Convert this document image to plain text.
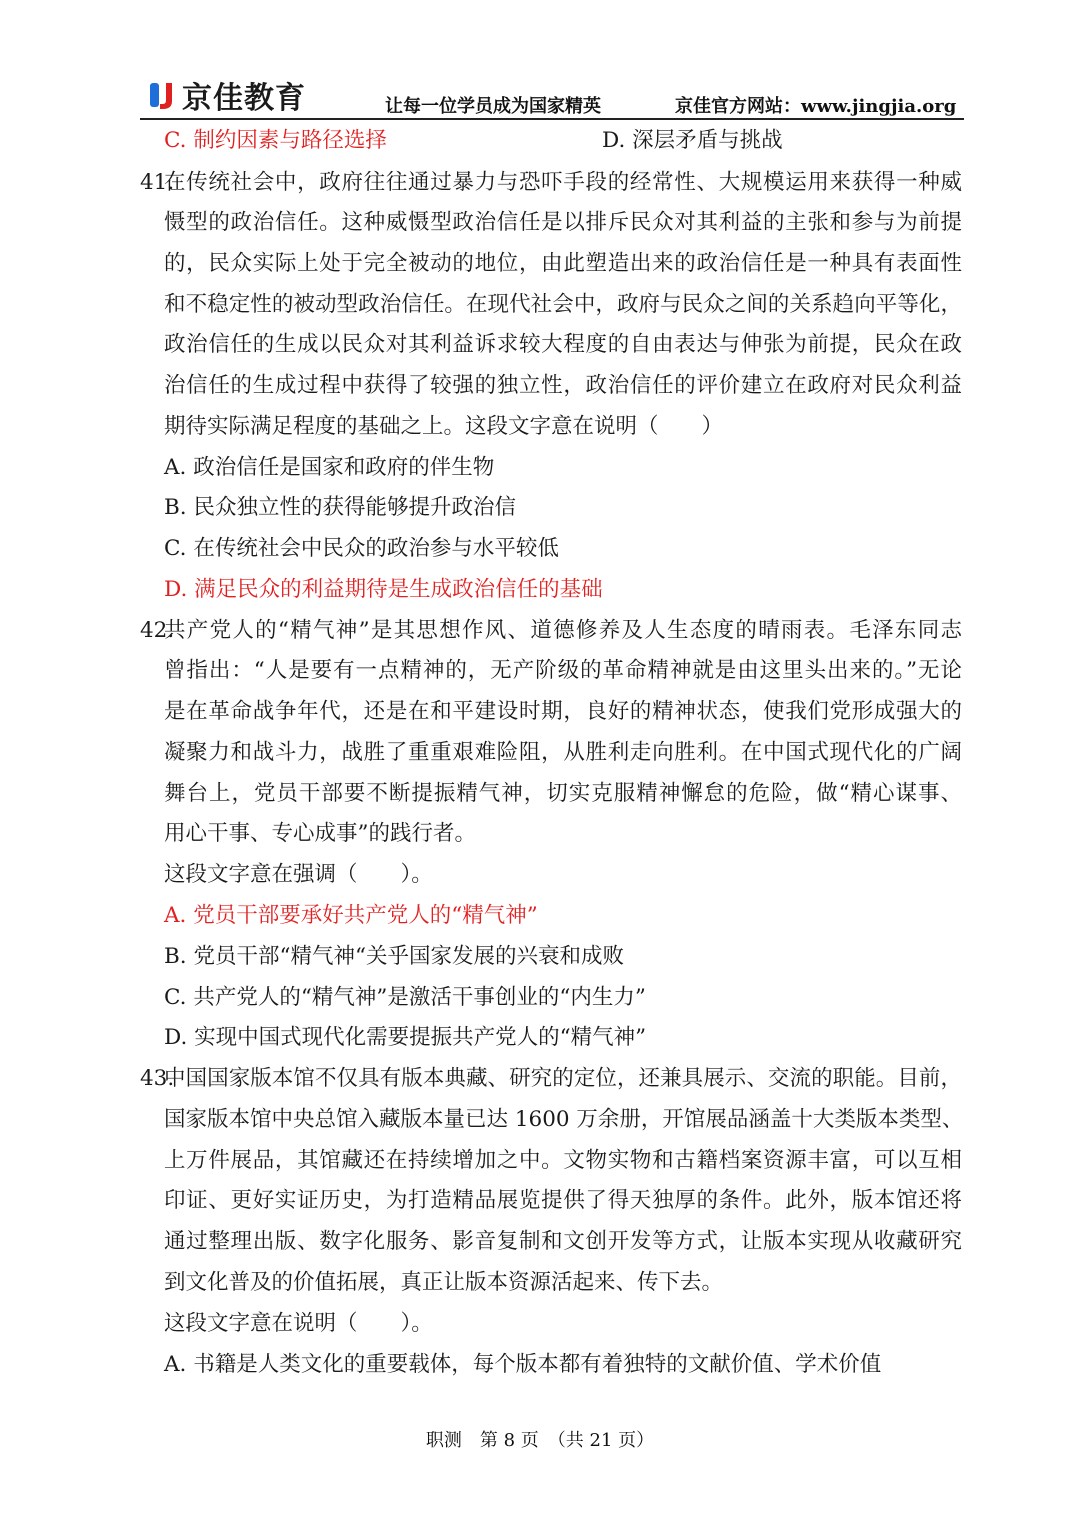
京佳教育	让每一位学员成为国家精英	京佳官方网站：www.jingjia.org
C. 制约因素与路径选择	D. 深层矛盾与挑战
41.
在传统社会中，政府往往通过暴力与恐吓手段的经常性、大规模运用来获得一种威
慑型的政治信任。这种威慑型政治信任是以排斥民众对其利益的主张和参与为前提
的，民众实际上处于完全被动的地位，由此塑造出来的政治信任是一种具有表面性
和不稳定性的被动型政治信任。在现代社会中，政府与民众之间的关系趋向平等化，
政治信任的生成以民众对其利益诉求较大程度的自由表达与伸张为前提，民众在政
治信任的生成过程中获得了较强的独立性，政治信任的评价建立在政府对民众利益
期待实际满足程度的基础之上。这段文字意在说明（　　）
A. 政治信任是国家和政府的伴生物
B. 民众独立性的获得能够提升政治信
C. 在传统社会中民众的政治参与水平较低
D. 满足民众的利益期待是生成政治信任的基础
42.
共产党人的“精气神”是其思想作风、道德修养及人生态度的晴雨表。毛泽东同志
曾指出：“人是要有一点精神的，无产阶级的革命精神就是由这里头出来的。”无论
是在革命战争年代，还是在和平建设时期，良好的精神状态，使我们党形成强大的
凝聚力和战斗力，战胜了重重艰难险阻，从胜利走向胜利。在中国式现代化的广阔
舞台上，党员干部要不断提振精气神，切实克服精神懈怠的危险，做“精心谋事、
用心干事、专心成事”的践行者。
这段文字意在强调（　　）。
A. 党员干部要承好共产党人的“精气神”
B. 党员干部“精气神“关乎国家发展的兴衰和成败
C. 共产党人的“精气神”是激活干事创业的“内生力”
D. 实现中国式现代化需要提振共产党人的“精气神”
43.
中国国家版本馆不仅具有版本典藏、研究的定位，还兼具展示、交流的职能。目前，
国家版本馆中央总馆入藏版本量已达 1600 万余册，开馆展品涵盖十大类版本类型、
上万件展品，其馆藏还在持续增加之中。文物实物和古籍档案资源丰富，可以互相
印证、更好实证历史，为打造精品展览提供了得天独厚的条件。此外，版本馆还将
通过整理出版、数字化服务、影音复制和文创开发等方式，让版本实现从收藏研究
到文化普及的价值拓展，真正让版本资源活起来、传下去。
这段文字意在说明（　　）。
A. 书籍是人类文化的重要载体，每个版本都有着独特的文献价值、学术价值
职测　第 8 页　（共 21 页）
